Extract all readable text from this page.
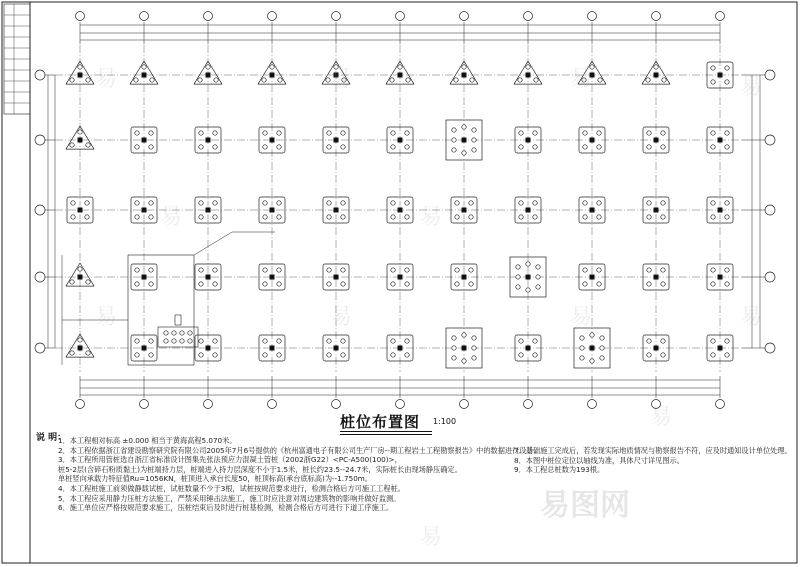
桩位布置图 1:100
说 明：
1．本工程相对标高 ±0.000 相当于黄海高程5.070米。
2．本工程依据浙江省建设勘察研究院有限公司2005年7月6号提供的《杭州富通电子有限公司生产厂房--期工程岩土工程勘察报告》中的数据进行设计。
3．本工程所用管桩选自浙江省标准设计图集先张法预应力混凝土管桩（2002浙G22）<PC-A500(100)>，
桩5-2层(含碎石粉质黏土)为桩端持力层，桩端进入持力层深度不小于1.5米，桩长约23.5--24.7米，实际桩长由现场静压确定。
单桩竖向承载力特征值Ru=1056KN，桩顶进入承台长度50，桩顶标高(承台底标高)为--1.750m。
4．本工程桩施工前须做静载试桩，试桩数量不少于3根，试桩按规范要求进行，检测合格后方可施工工程桩。
5．本工程应采用静力压桩方法施工，严禁采用锤击法施工，施工时应注意对周边建筑物的影响并做好监测。
6．施工单位应严格按规范要求施工，压桩结束后及时进行桩基检测，检测合格后方可进行下道工序施工。
7．基础施工完成后，若发现实际地质情况与勘察报告不符，应及时通知设计单位处理。
8．本图中桩位定位以轴线为准，具体尺寸详见图示。
9．本工程总桩数为193根。
易	易	易	易
易	易	易	易
易	易
易
易
易图网
